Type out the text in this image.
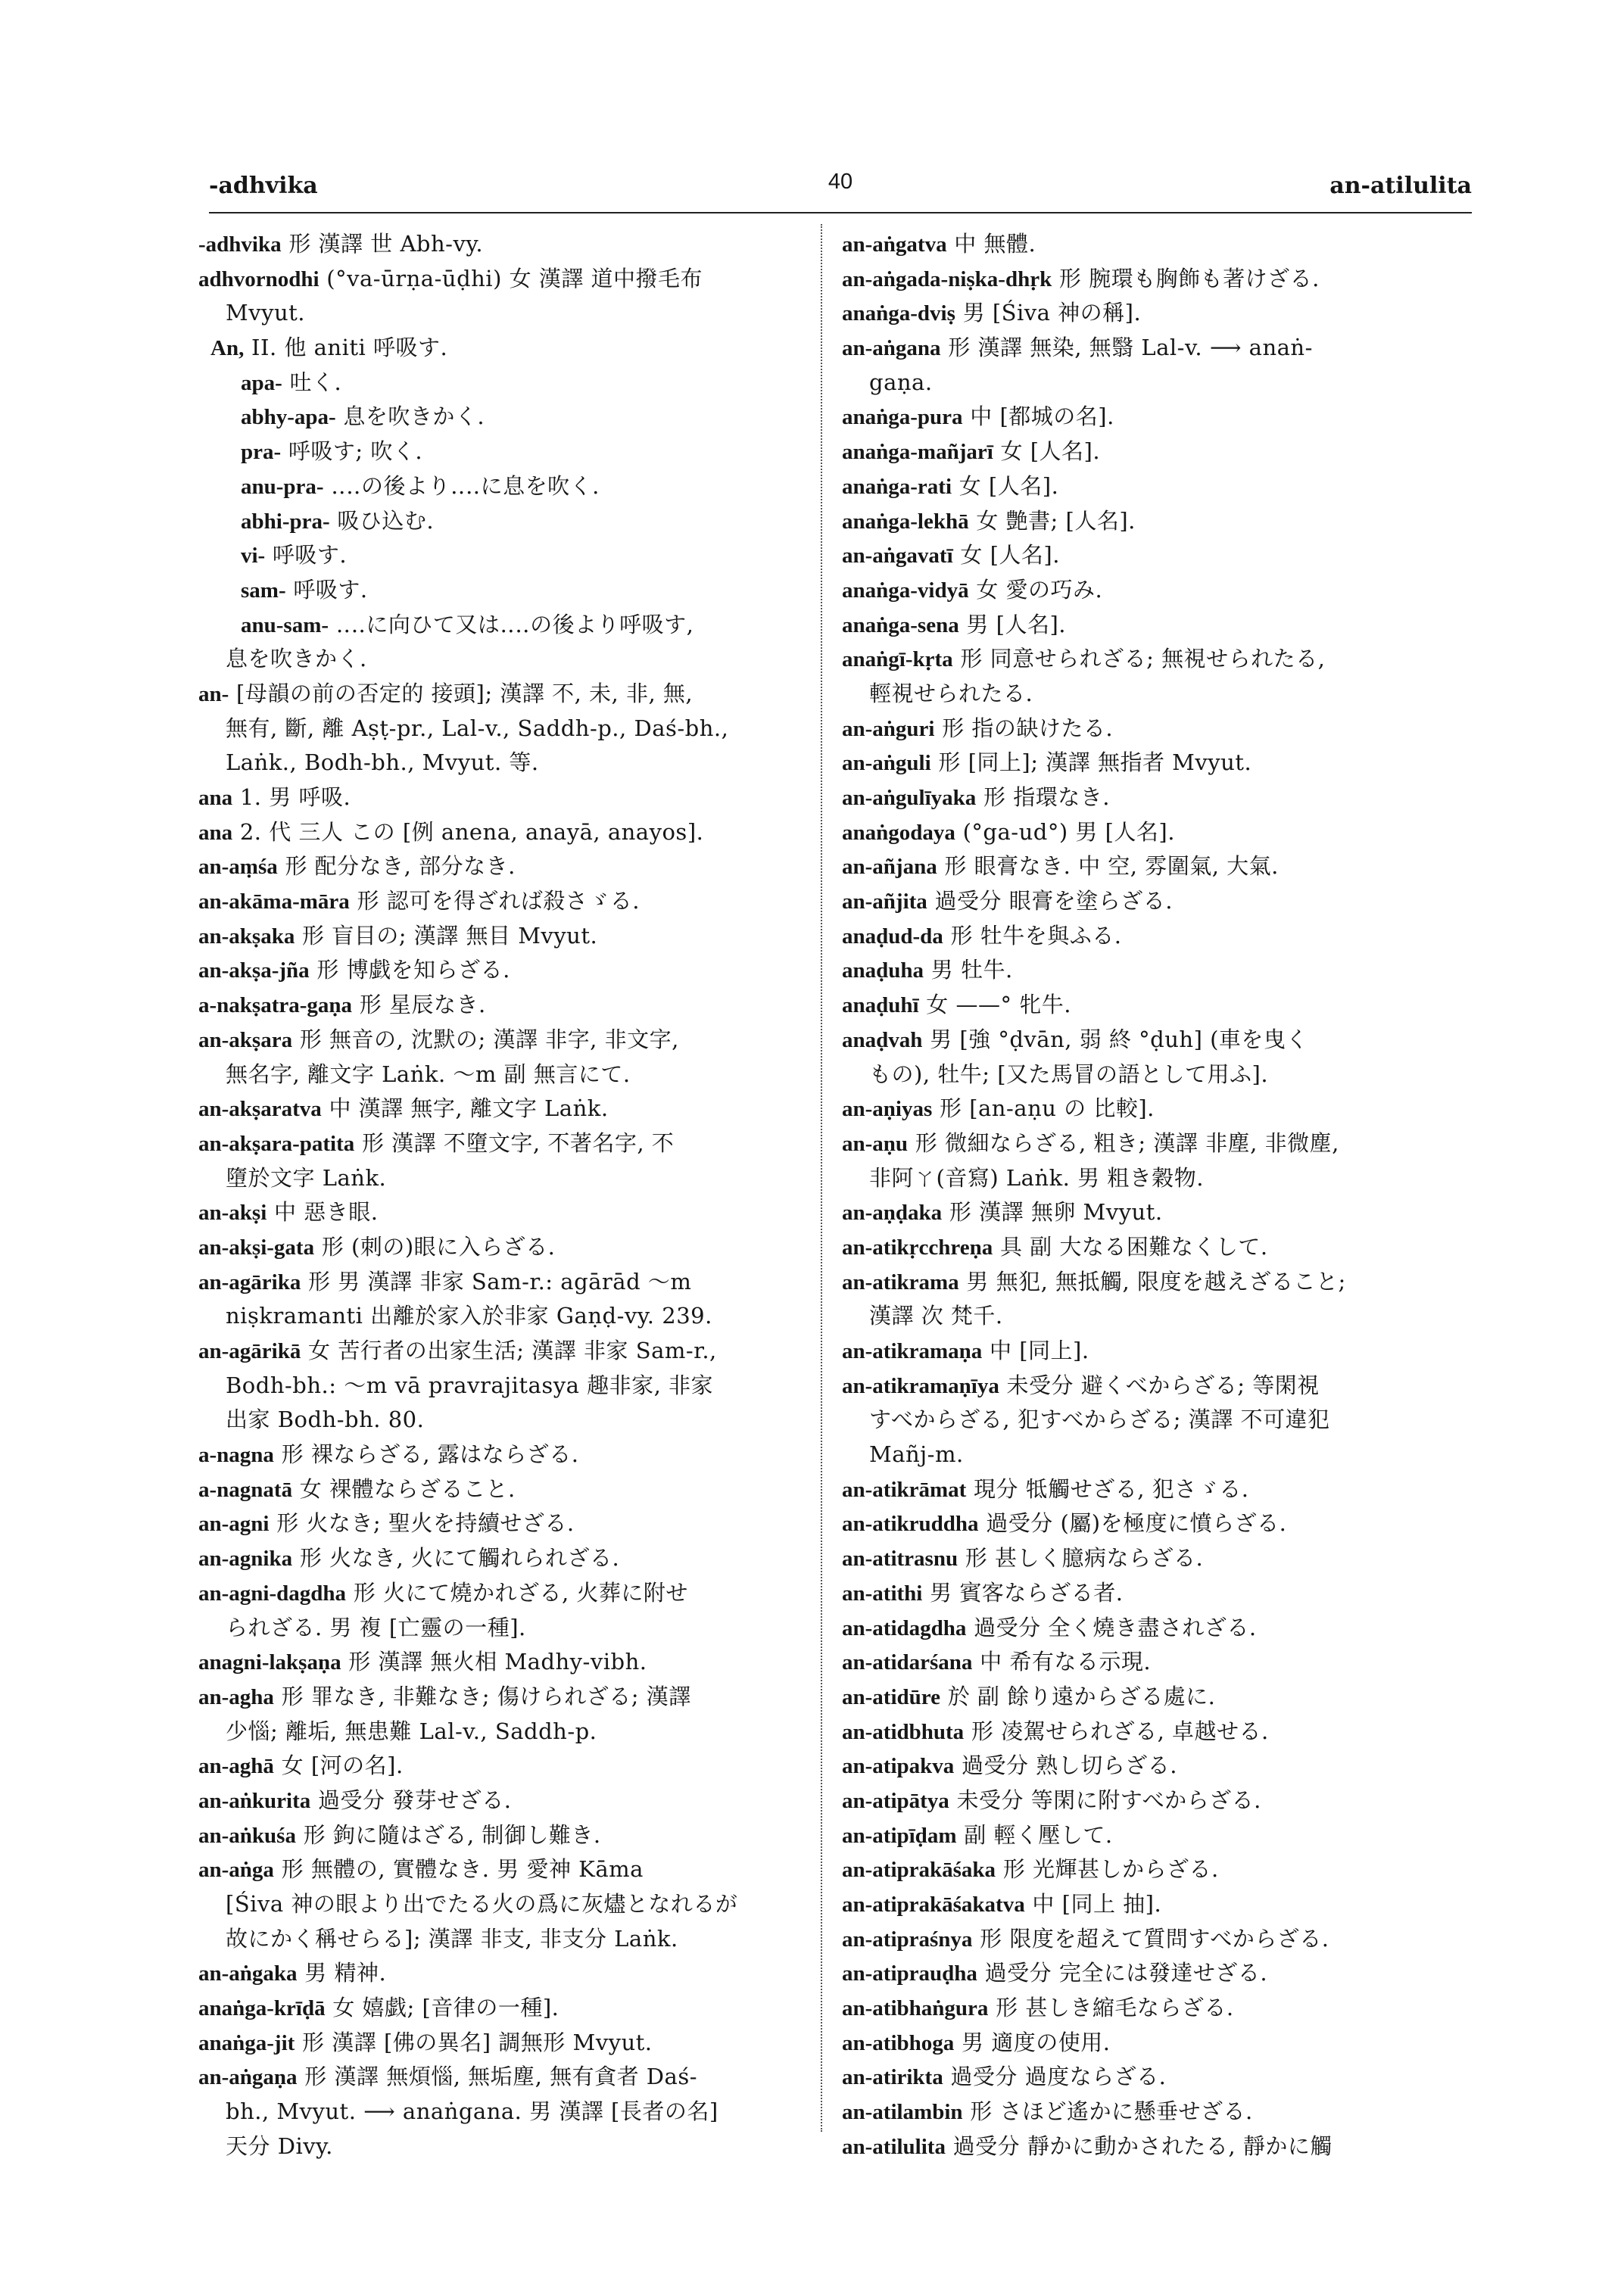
-adhvika	40	an-atilulita
-adhvika 形 漢譯 世 Abh-vy.
adhvornodhi (°va-ūrṇa-ūḍhi) 女 漢譯 道中撥毛布
Mvyut.
An, II. 他 aniti 呼吸す.
apa- 吐く.
abhy-apa- 息を吹きかく.
pra- 呼吸す; 吹く.
anu-pra- ‥‥の後より‥‥に息を吹く.
abhi-pra- 吸ひ込む.
vi- 呼吸す.
sam- 呼吸す.
anu-sam- ‥‥に向ひて又は‥‥の後より呼吸す,
息を吹きかく.
an- [母韻の前の否定的 接頭]; 漢譯 不, 未, 非, 無,
無有, 斷, 離 Aṣṭ-pr., Lal-v., Saddh-p., Daś-bh.,
Laṅk., Bodh-bh., Mvyut. 等.
ana 1. 男 呼吸.
ana 2. 代 三人 この [例 anena, anayā, anayos].
an-aṃśa 形 配分なき, 部分なき.
an-akāma-māra 形 認可を得ざれば殺さゞる.
an-akṣaka 形 盲目の; 漢譯 無目 Mvyut.
an-akṣa-jña 形 博戯を知らざる.
a-nakṣatra-gaṇa 形 星辰なき.
an-akṣara 形 無音の, 沈默の; 漢譯 非字, 非文字,
無名字, 離文字 Laṅk. 〜m 副 無言にて.
an-akṣaratva 中 漢譯 無字, 離文字 Laṅk.
an-akṣara-patita 形 漢譯 不墮文字, 不著名字, 不
墮於文字 Laṅk.
an-akṣi 中 惡き眼.
an-akṣi-gata 形 (刺の)眼に入らざる.
an-agārika 形 男 漢譯 非家 Sam-r.: agārād 〜m
niṣkramanti 出離於家入於非家 Gaṇḍ-vy. 239.
an-agārikā 女 苦行者の出家生活; 漢譯 非家 Sam-r.,
Bodh-bh.: 〜m vā pravrajitasya 趣非家, 非家
出家 Bodh-bh. 80.
a-nagna 形 裸ならざる, 露はならざる.
a-nagnatā 女 裸體ならざること.
an-agni 形 火なき; 聖火を持續せざる.
an-agnika 形 火なき, 火にて觸れられざる.
an-agni-dagdha 形 火にて燒かれざる, 火葬に附せ
られざる. 男 複 [亡靈の一種].
anagni-lakṣaṇa 形 漢譯 無火相 Madhy-vibh.
an-agha 形 罪なき, 非難なき; 傷けられざる; 漢譯
少惱; 離垢, 無患難 Lal-v., Saddh-p.
an-aghā 女 [河の名].
an-aṅkurita 過受分 發芽せざる.
an-aṅkuśa 形 鉤に隨はざる, 制御し難き.
an-aṅga 形 無體の, 實體なき. 男 愛神 Kāma
[Śiva 神の眼より出でたる火の爲に灰燼となれるが
故にかく稱せらる]; 漢譯 非支, 非支分 Laṅk.
an-aṅgaka 男 精神.
anaṅga-krīḍā 女 嬉戯; [音律の一種].
anaṅga-jit 形 漢譯 [佛の異名] 調無形 Mvyut.
an-aṅgaṇa 形 漢譯 無煩惱, 無垢塵, 無有貪者 Daś-
bh., Mvyut. ⟶ anaṅgana. 男 漢譯 [長者の名]
天分 Divy.
an-aṅgatva 中 無體.
an-aṅgada-niṣka-dhṛk 形 腕環も胸飾も著けざる.
anaṅga-dviṣ 男 [Śiva 神の稱].
an-aṅgana 形 漢譯 無染, 無翳 Lal-v. ⟶ anaṅ-
gaṇa.
anaṅga-pura 中 [都城の名].
anaṅga-mañjarī 女 [人名].
anaṅga-rati 女 [人名].
anaṅga-lekhā 女 艶書; [人名].
an-aṅgavatī 女 [人名].
anaṅga-vidyā 女 愛の巧み.
anaṅga-sena 男 [人名].
anaṅgī-kṛta 形 同意せられざる; 無視せられたる,
輕視せられたる.
an-aṅguri 形 指の缺けたる.
an-aṅguli 形 [同上]; 漢譯 無指者 Mvyut.
an-aṅgulīyaka 形 指環なき.
anaṅgodaya (°ga-ud°) 男 [人名].
an-añjana 形 眼膏なき. 中 空, 雰圍氣, 大氣.
an-añjita 過受分 眼膏を塗らざる.
anaḍud-da 形 牡牛を與ふる.
anaḍuha 男 牡牛.
anaḍuhī 女 ——° 牝牛.
anaḍvah 男 [強 °ḍvān, 弱 終 °ḍuh] (車を曳く
もの), 牡牛; [又た馬冒の語として用ふ].
an-aṇiyas 形 [an-aṇu の 比較].
an-aṇu 形 微細ならざる, 粗き; 漢譯 非塵, 非微塵,
非阿ㄚ(音寫) Laṅk. 男 粗き穀物.
an-aṇḍaka 形 漢譯 無卵 Mvyut.
an-atikṛcchreṇa 具 副 大なる困難なくして.
an-atikrama 男 無犯, 無抵觸, 限度を越えざること;
漢譯 次 梵千.
an-atikramaṇa 中 [同上].
an-atikramaṇīya 未受分 避くべからざる; 等閑視
すべからざる, 犯すべからざる; 漢譯 不可違犯
Mañj-m.
an-atikrāmat 現分 牴觸せざる, 犯さゞる.
an-atikruddha 過受分 (屬)を極度に憤らざる.
an-atitrasnu 形 甚しく臆病ならざる.
an-atithi 男 賓客ならざる者.
an-atidagdha 過受分 全く燒き盡されざる.
an-atidarśana 中 希有なる示現.
an-atidūre 於 副 餘り遠からざる處に.
an-atidbhuta 形 凌駕せられざる, 卓越せる.
an-atipakva 過受分 熟し切らざる.
an-atipātya 未受分 等閑に附すべからざる.
an-atipīḍam 副 輕く壓して.
an-atiprakāśaka 形 光輝甚しからざる.
an-atiprakāśakatva 中 [同上 抽].
an-atipraśnya 形 限度を超えて質問すべからざる.
an-atiprauḍha 過受分 完全には發達せざる.
an-atibhaṅgura 形 甚しき縮毛ならざる.
an-atibhoga 男 適度の使用.
an-atirikta 過受分 過度ならざる.
an-atilambin 形 さほど遙かに懸垂せざる.
an-atilulita 過受分 靜かに動かされたる, 靜かに觸
